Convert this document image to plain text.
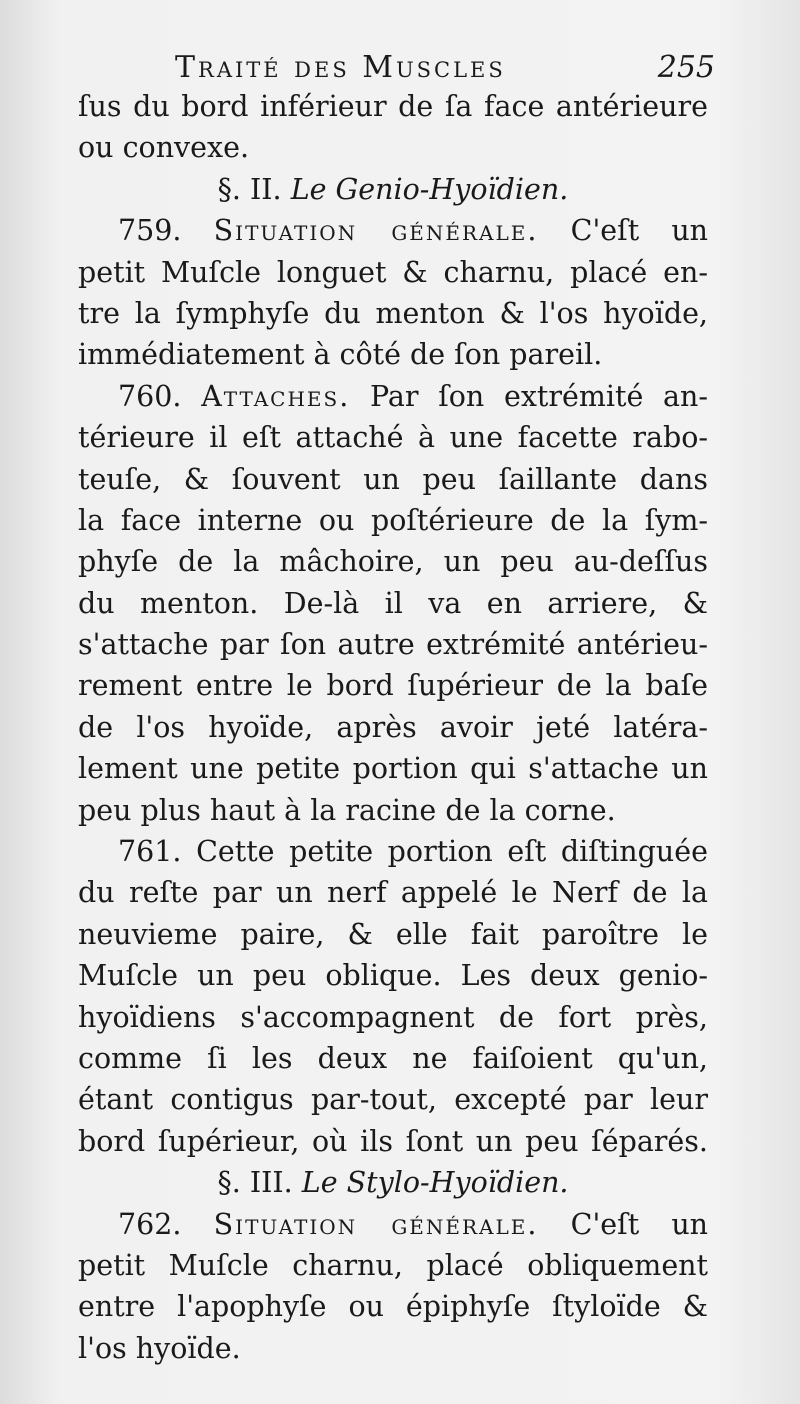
Traité des Muscles	255
ſus du bord inférieur de ſa face antérieure
ou convexe.
§. II. Le Genio-Hyoïdien.
759. Situation générale. C'eſt un
petit Muſcle longuet & charnu, placé en-
tre la ſymphyſe du menton & l'os hyoïde,
immédiatement à côté de ſon pareil.
760. Attaches. Par ſon extrémité an-
térieure il eſt attaché à une facette rabo-
teuſe, & ſouvent un peu ſaillante dans
la face interne ou poſtérieure de la ſym-
phyſe de la mâchoire, un peu au-deſſus
du menton. De-là il va en arriere, &
s'attache par ſon autre extrémité antérieu-
rement entre le bord ſupérieur de la baſe
de l'os hyoïde, après avoir jeté latéra-
lement une petite portion qui s'attache un
peu plus haut à la racine de la corne.
761. Cette petite portion eſt diſtinguée
du reſte par un nerf appelé le Nerf de la
neuvieme paire, & elle fait paroître le
Muſcle un peu oblique. Les deux genio-
hyoïdiens s'accompagnent de fort près,
comme ſi les deux ne faiſoient qu'un,
étant contigus par-tout, excepté par leur
bord ſupérieur, où ils ſont un peu ſéparés.
§. III. Le Stylo-Hyoïdien.
762. Situation générale. C'eſt un
petit Muſcle charnu, placé obliquement
entre l'apophyſe ou épiphyſe ſtyloïde &
l'os hyoïde.
